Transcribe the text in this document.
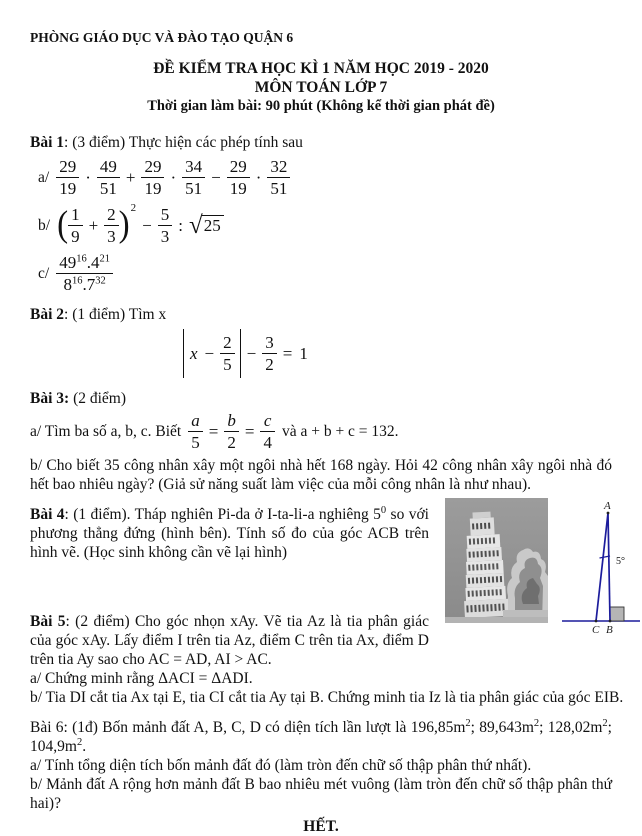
PHÒNG GIÁO DỤC VÀ ĐÀO TẠO QUẬN 6
ĐỀ KIỂM TRA HỌC KÌ 1 NĂM HỌC 2019 - 2020
MÔN TOÁN LỚP 7
Thời gian làm bài: 90 phút (Không kể thời gian phát đề)

Bài 1: (3 điểm) Thực hiện các phép tính sau

$a/ \frac{29}{19} \cdot \frac{49}{51} + \frac{29}{19} \cdot \frac{34}{51} - \frac{29}{19} \cdot \frac{32}{51}$
b/ ( $\frac{1}{9} + \frac{2}{3}$ ) 2
− $\frac{5}{3}$ : √ 25
$c/ \frac{49^{16}.4^{21}}{8^{16}.7^{32}}$

Bài 2: (1 điểm) Tìm x

$x - \frac{2}{5} - \frac{3}{2} = 1$

Bài 3: (2 điểm)

a/ Tìm ba số a, b, c. Biết $\frac{a}{5} = \frac{b}{2} = \frac{c}{4}$ và a + b + c = 132.

b/ Cho biết 35 công nhân xây một ngôi nhà hết 168 ngày. Hỏi 42 công nhân xây ngôi nhà đó hết bao nhiêu ngày? (Giả sử năng suất làm việc của mỗi công nhân là như nhau).

A
5°
C B

Bài 4: (1 điểm). Tháp nghiên Pi-da ở I-ta-li-a nghiêng $5^0$ so với phương thẳng đứng (hình bên). Tính số đo của góc ACB trên hình vẽ. (Học sinh không cần vẽ lại hình)

Bài 5: (2 điểm) Cho góc nhọn xAy. Vẽ tia Az là tia phân giác của góc xAy. Lấy điểm I trên tia Az, điểm C trên tia Ax, điểm D trên tia Ay sao cho AC = AD, AI > AC.

a/ Chứng minh rằng ΔACI = ΔADI.

b/ Tia DI cắt tia Ax tại E, tia CI cắt tia Ay tại B. Chứng minh tia Iz là tia phân giác của góc EIB.

Bài 6: (1đ) Bốn mảnh đất A, B, C, D có diện tích lần lượt là $196,85m^2$; $89,643m^2$; $128,02m^2$; $104,9m^2$.

a/ Tính tổng diện tích bốn mảnh đất đó (làm tròn đến chữ số thập phân thứ nhất).

b/ Mảnh đất A rộng hơn mảnh đất B bao nhiêu mét vuông (làm tròn đến chữ số thập phân thứ hai)?

HẾT.
